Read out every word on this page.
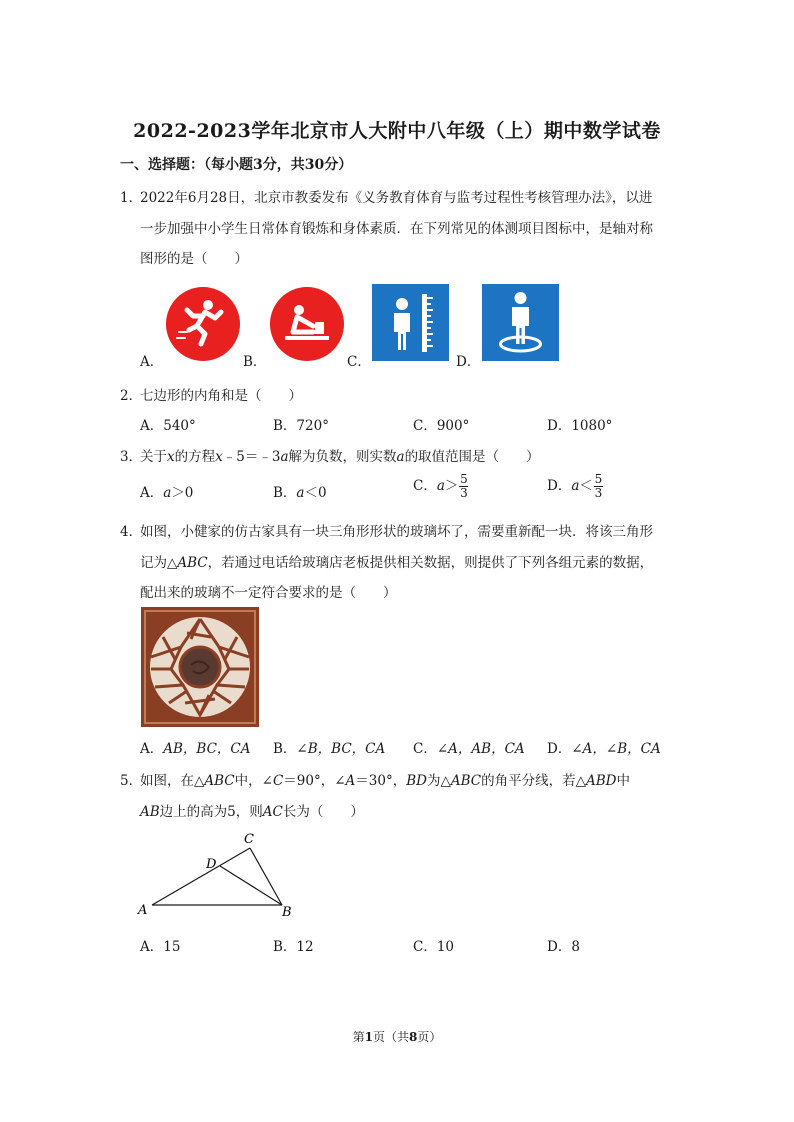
2022-2023学年北京市人大附中八年级（上）期中数学试卷
一、选择题：（每小题3分，共30分）
1．2022年6月28日，北京市教委发布《义务教育体育与监考过程性考核管理办法》，以进
一步加强中小学生日常体育锻炼和身体素质．在下列常见的体测项目图标中，是轴对称
图形的是（　　）
A．	B．	C．	D．
2．七边形的内角和是（　　）
A．540°	B．720°	C．900°	D．1080°
3．关于x的方程x﹣5＝﹣3a解为负数，则实数a的取值范围是（　　）
A．a＞0	B．a＜0	C．$a> \frac{5}{3}$	D．$a< \frac{5}{3}$
4．如图，小健家的仿古家具有一块三角形形状的玻璃坏了，需要重新配一块．将该三角形
记为△ABC，若通过电话给玻璃店老板提供相关数据，则提供了下列各组元素的数据，
配出来的玻璃不一定符合要求的是（　　）
A．AB，BC，CA B．∠B，BC，CA C．∠A，AB，CA D．∠A，∠B，CA
5．如图，在△ABC中，∠C＝90°，∠A＝30°，BD为△ABC的角平分线，若△ABD中
AB边上的高为5，则AC长为（　　）
A	B
C
D
A．15	B．12	C．10	D．8
第1页（共8页）
